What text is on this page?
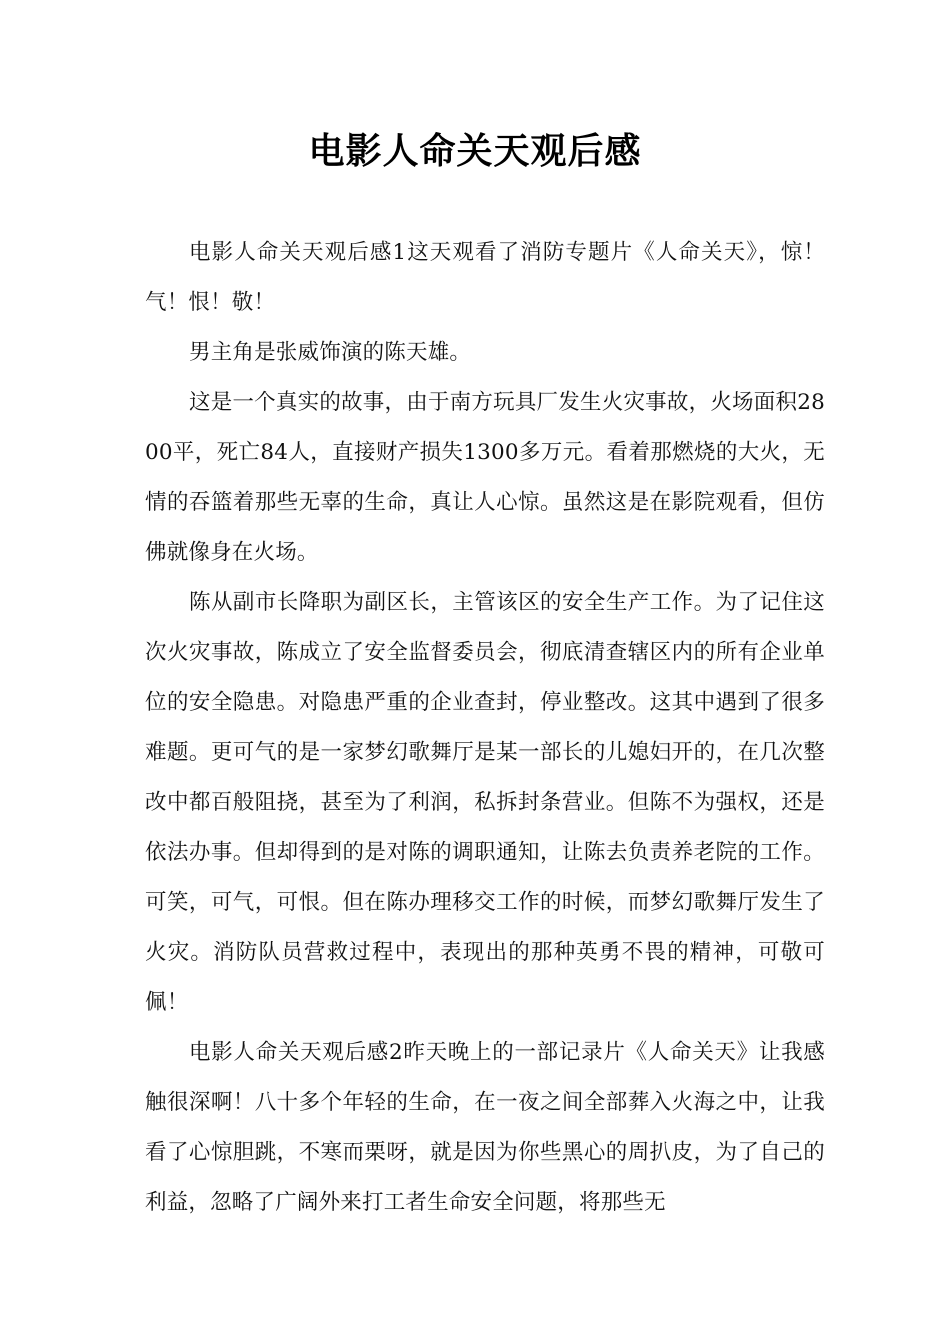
电影人命关天观后感

电影人命关天观后感1这天观看了消防专题片《人命关天》，惊！气！恨！敬！

男主角是张威饰演的陈天雄。

这是一个真实的故事，由于南方玩具厂发生火灾事故，火场面积2800平，死亡84人，直接财产损失1300多万元。看着那燃烧的大火，无情的吞篮着那些无辜的生命，真让人心惊。虽然这是在影院观看，但仿佛就像身在火场。

陈从副市长降职为副区长，主管该区的安全生产工作。为了记住这次火灾事故，陈成立了安全监督委员会，彻底清查辖区内的所有企业单位的安全隐患。对隐患严重的企业查封，停业整改。这其中遇到了很多难题。更可气的是一家梦幻歌舞厅是某一部长的儿媳妇开的，在几次整改中都百般阻挠，甚至为了利润，私拆封条营业。但陈不为强权，还是依法办事。但却得到的是对陈的调职通知，让陈去负责养老院的工作。可笑，可气，可恨。但在陈办理移交工作的时候，而梦幻歌舞厅发生了火灾。消防队员营救过程中，表现出的那种英勇不畏的精神，可敬可佩！

电影人命关天观后感2昨天晚上的一部记录片《人命关天》让我感触很深啊！八十多个年轻的生命，在一夜之间全部葬入火海之中，让我看了心惊胆跳，不寒而栗呀，就是因为你些黑心的周扒皮，为了自己的利益，忽略了广阔外来打工者生命安全问题，将那些无
